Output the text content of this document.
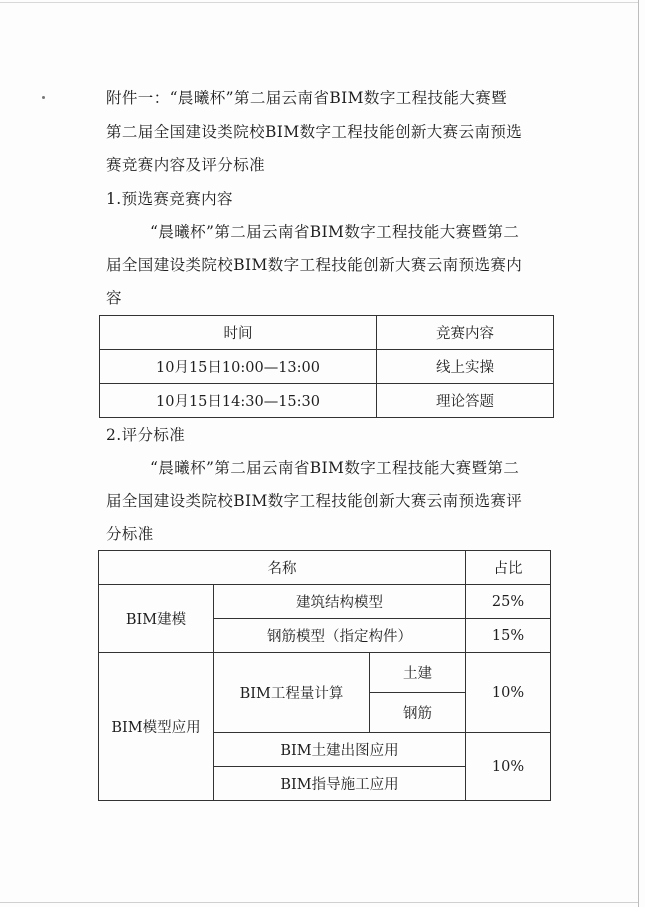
附件一：“晨曦杯”第二届云南省BIM数字工程技能大赛暨
第二届全国建设类院校BIM数字工程技能创新大赛云南预选
赛竞赛内容及评分标准
1.预选赛竞赛内容
“晨曦杯”第二届云南省BIM数字工程技能大赛暨第二
届全国建设类院校BIM数字工程技能创新大赛云南预选赛内
容
时间	竞赛内容
10月15日10:00—13:00	线上实操
10月15日14:30—15:30	理论答题
2.评分标准
“晨曦杯”第二届云南省BIM数字工程技能大赛暨第二
届全国建设类院校BIM数字工程技能创新大赛云南预选赛评
分标准
名称			占比
BIM建模	建筑结构模型		25%
	钢筋模型（指定构件）		15%
BIM模型应用	BIM工程量计算	土建	10%
		钢筋	
	BIM土建出图应用		10%
	BIM指导施工应用		
